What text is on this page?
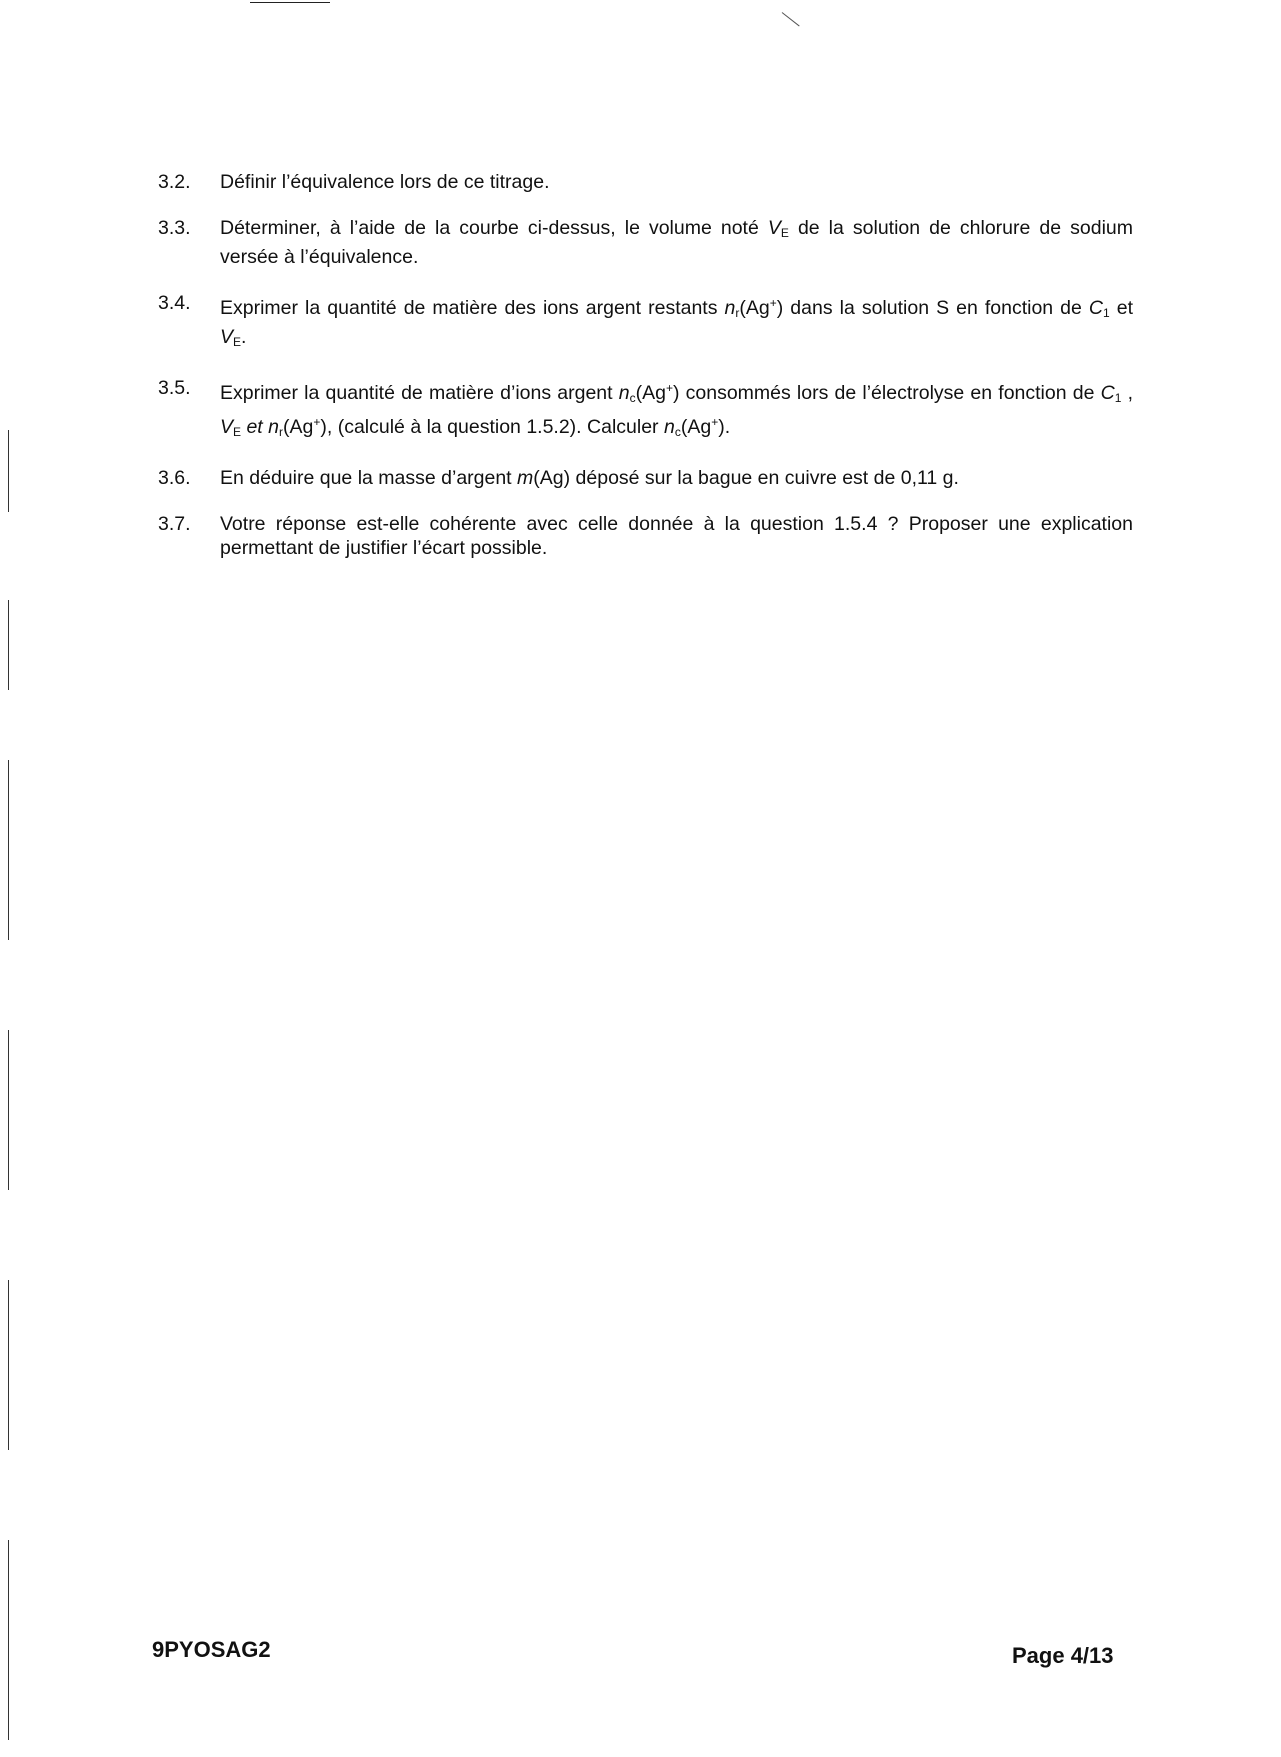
3.2.	Définir l’équivalence lors de ce titrage.
3.3.	Déterminer, à l’aide de la courbe ci-dessus, le volume noté $V_E$ de la solution de chlorure de sodium versée à l’équivalence.
3.4.	Exprimer la quantité de matière des ions argent restants $n_r(Ag^+)$ dans la solution S en fonction de $C_1$ et $V_E$.
3.5.	Exprimer la quantité de matière d’ions argent $n_c(Ag^+)$ consommés lors de l’électrolyse en fonction de $C_1$ , $V_E$ et $n_r(Ag^+)$, (calculé à la question 1.5.2). Calculer $n_c(Ag^+)$.
3.6.	En déduire que la masse d’argent m(Ag) déposé sur la bague en cuivre est de 0,11 g.
3.7.	Votre réponse est-elle cohérente avec celle donnée à la question 1.5.4 ? Proposer une explication permettant de justifier l’écart possible.
9PYOSAG2	Page 4/13
